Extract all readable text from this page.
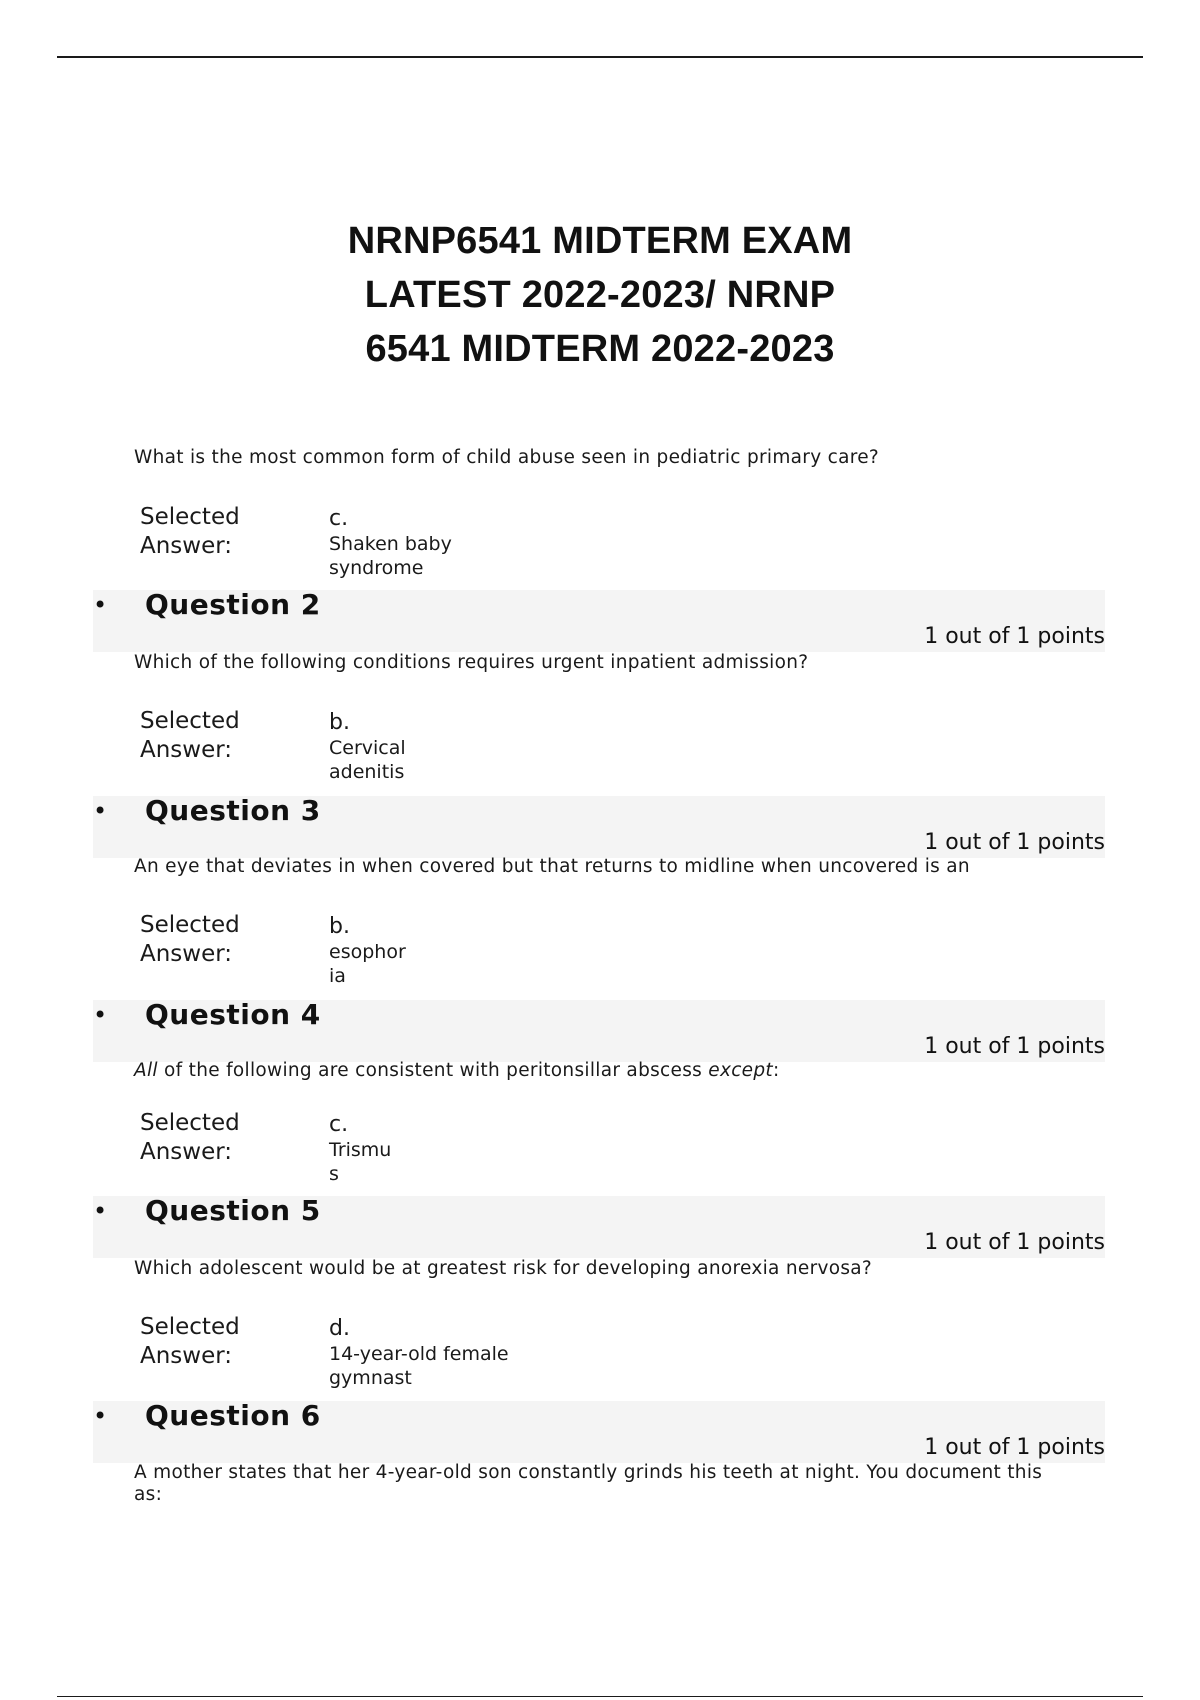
NRNP6541 MIDTERM EXAM
LATEST 2022-2023/ NRNP
6541 MIDTERM 2022-2023
What is the most common form of child abuse seen in pediatric primary care?
Selected
Answer:
c.
Shaken baby
syndrome
• Question 2
1 out of 1 points
Which of the following conditions requires urgent inpatient admission?
Selected
Answer:
b.
Cervical
adenitis
• Question 3
1 out of 1 points
An eye that deviates in when covered but that returns to midline when uncovered is an
Selected
Answer:
b.
esophor
ia
• Question 4
1 out of 1 points
All of the following are consistent with peritonsillar abscess except:
Selected
Answer:
c.
Trismu
s
• Question 5
1 out of 1 points
Which adolescent would be at greatest risk for developing anorexia nervosa?
Selected
Answer:
d.
14-year-old female
gymnast
• Question 6
1 out of 1 points
A mother states that her 4-year-old son constantly grinds his teeth at night. You document this as:
